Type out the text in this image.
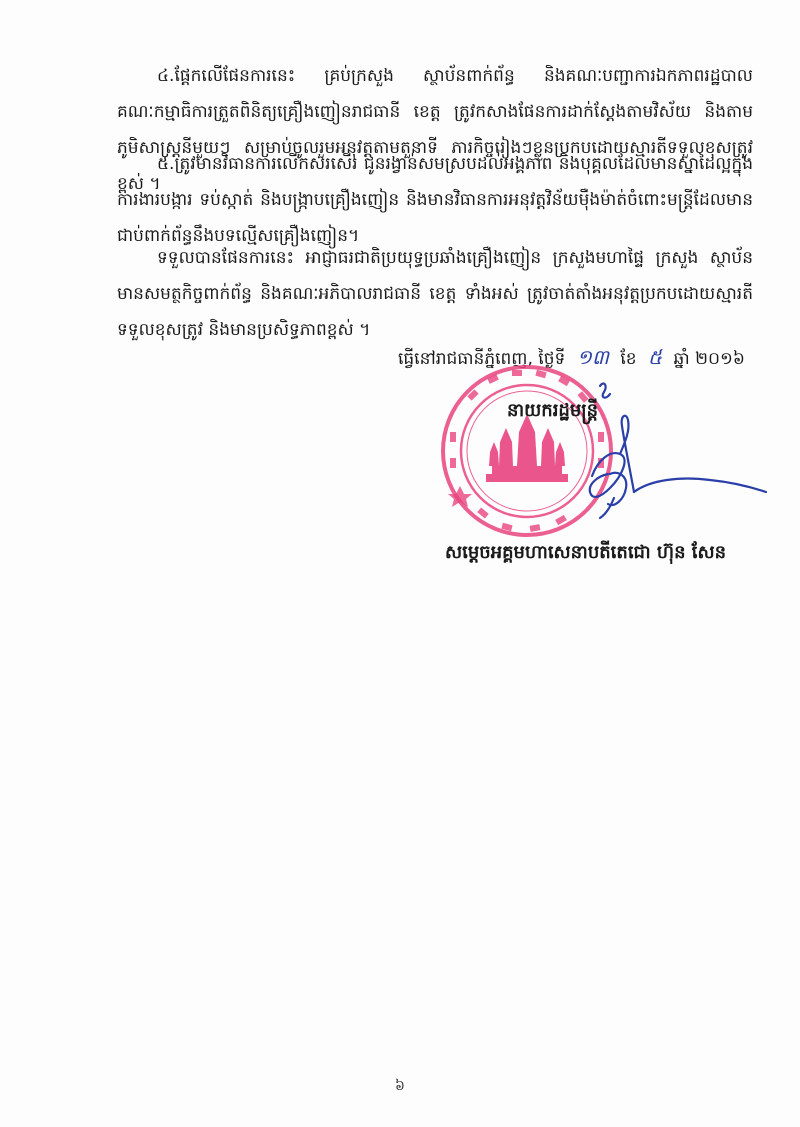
៤.ផ្តែកលើផែនការនេះ គ្រប់ក្រសួង ស្ថាប័នពាក់ព័ន្ធ និងគណៈបញ្ជាការឯកភាពរដ្ឋបាល គណៈកម្មាធិការត្រួតពិនិត្យគ្រឿងញៀនរាជធានី ខេត្ត ត្រូវកសាងផែនការដាក់ស្តែងតាមវិស័យ និងតាមភូមិសាស្ត្រនីមួយៗ សម្រាប់ចូលរួមអនុវត្តតាមតួនាទី ភារកិច្ចរៀងៗខ្លួនប្រកបដោយស្មារតីទទួលខុសត្រូវខ្ពស់ ។

៥.ត្រូវមានវិធានការលើកសរសើរ ជូនរង្វាន់សមស្របដល់អង្គភាព និងបុគ្គលដែលមានស្នាដៃល្អក្នុងការងារបង្ការ ទប់ស្កាត់ និងបង្ក្រាបគ្រឿងញៀន និងមានវិធានការអនុវត្តវិន័យមុឺងម៉ាត់ចំពោះមន្ត្រីដែលមានជាប់ពាក់ព័ន្ធនឹងបទល្មើសគ្រឿងញៀន។

ទទួលបានផែនការនេះ អាជ្ញាធរជាតិប្រយុទ្ធប្រឆាំងគ្រឿងញៀន ក្រសួងមហាផ្ទៃ ក្រសួង ស្ថាប័ន មានសមត្ថកិច្ចពាក់ព័ន្ធ និងគណៈអភិបាលរាជធានី ខេត្ត ទាំងអស់ ត្រូវចាត់តាំងអនុវត្តប្រកបដោយស្មារតីទទួលខុសត្រូវ និងមានប្រសិទ្ធភាពខ្ពស់ ។

ធ្វើនៅរាជធានីភ្នំពេញ, ថ្ងៃទី ១៣ ខែ ៥ ឆ្នាំ ២០១៦
នាយករដ្ឋមន្ត្រី
សម្តេចអគ្គមហាសេនាបតីតេជោ ហ៊ុន សែន
៦
